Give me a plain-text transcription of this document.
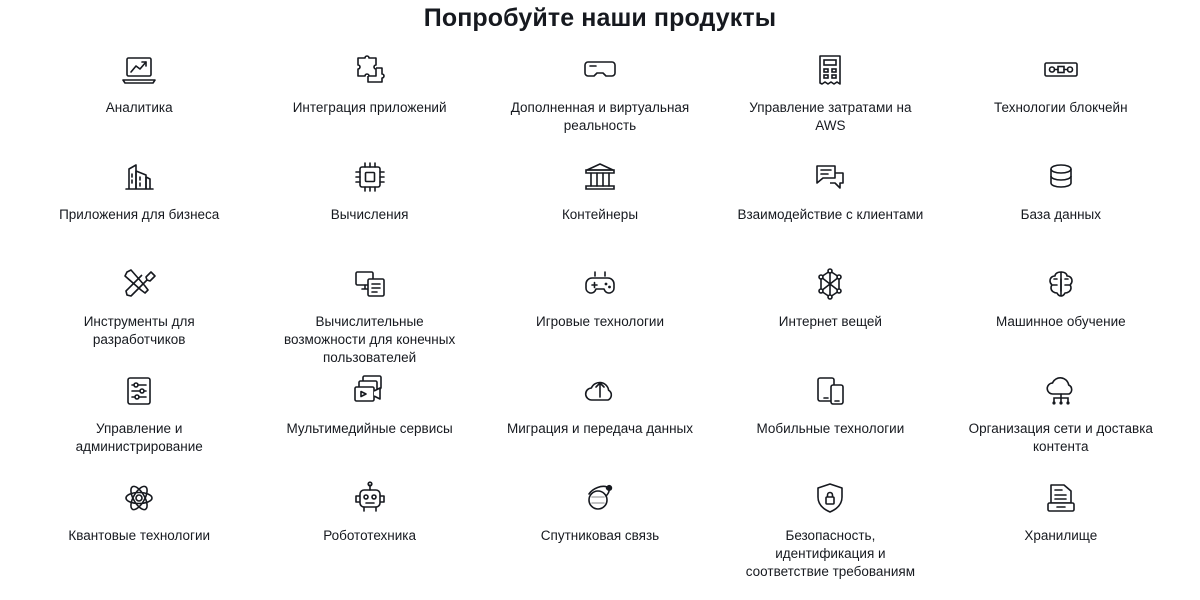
Попробуйте наши продукты
Аналитика	Интеграция приложений	Дополненная и виртуальная реальность
Управление затратами на AWS
Технологии блокчейн
Приложения для бизнеса	Вычисления	Контейнеры	Взаимодействие с клиентами	База данных
Инструменты для разработчиков
Вычислительные возможности для конечных пользователей
Игровые технологии	Интернет вещей	Машинное обучение
Управление и администрирование
Мультимедийные сервисы	Миграция и передача данных	Мобильные технологии	Организация сети и доставка контента
Квантовые технологии	Робототехника	Спутниковая связь	Безопасность, идентификация и соответствие требованиям
Хранилище
